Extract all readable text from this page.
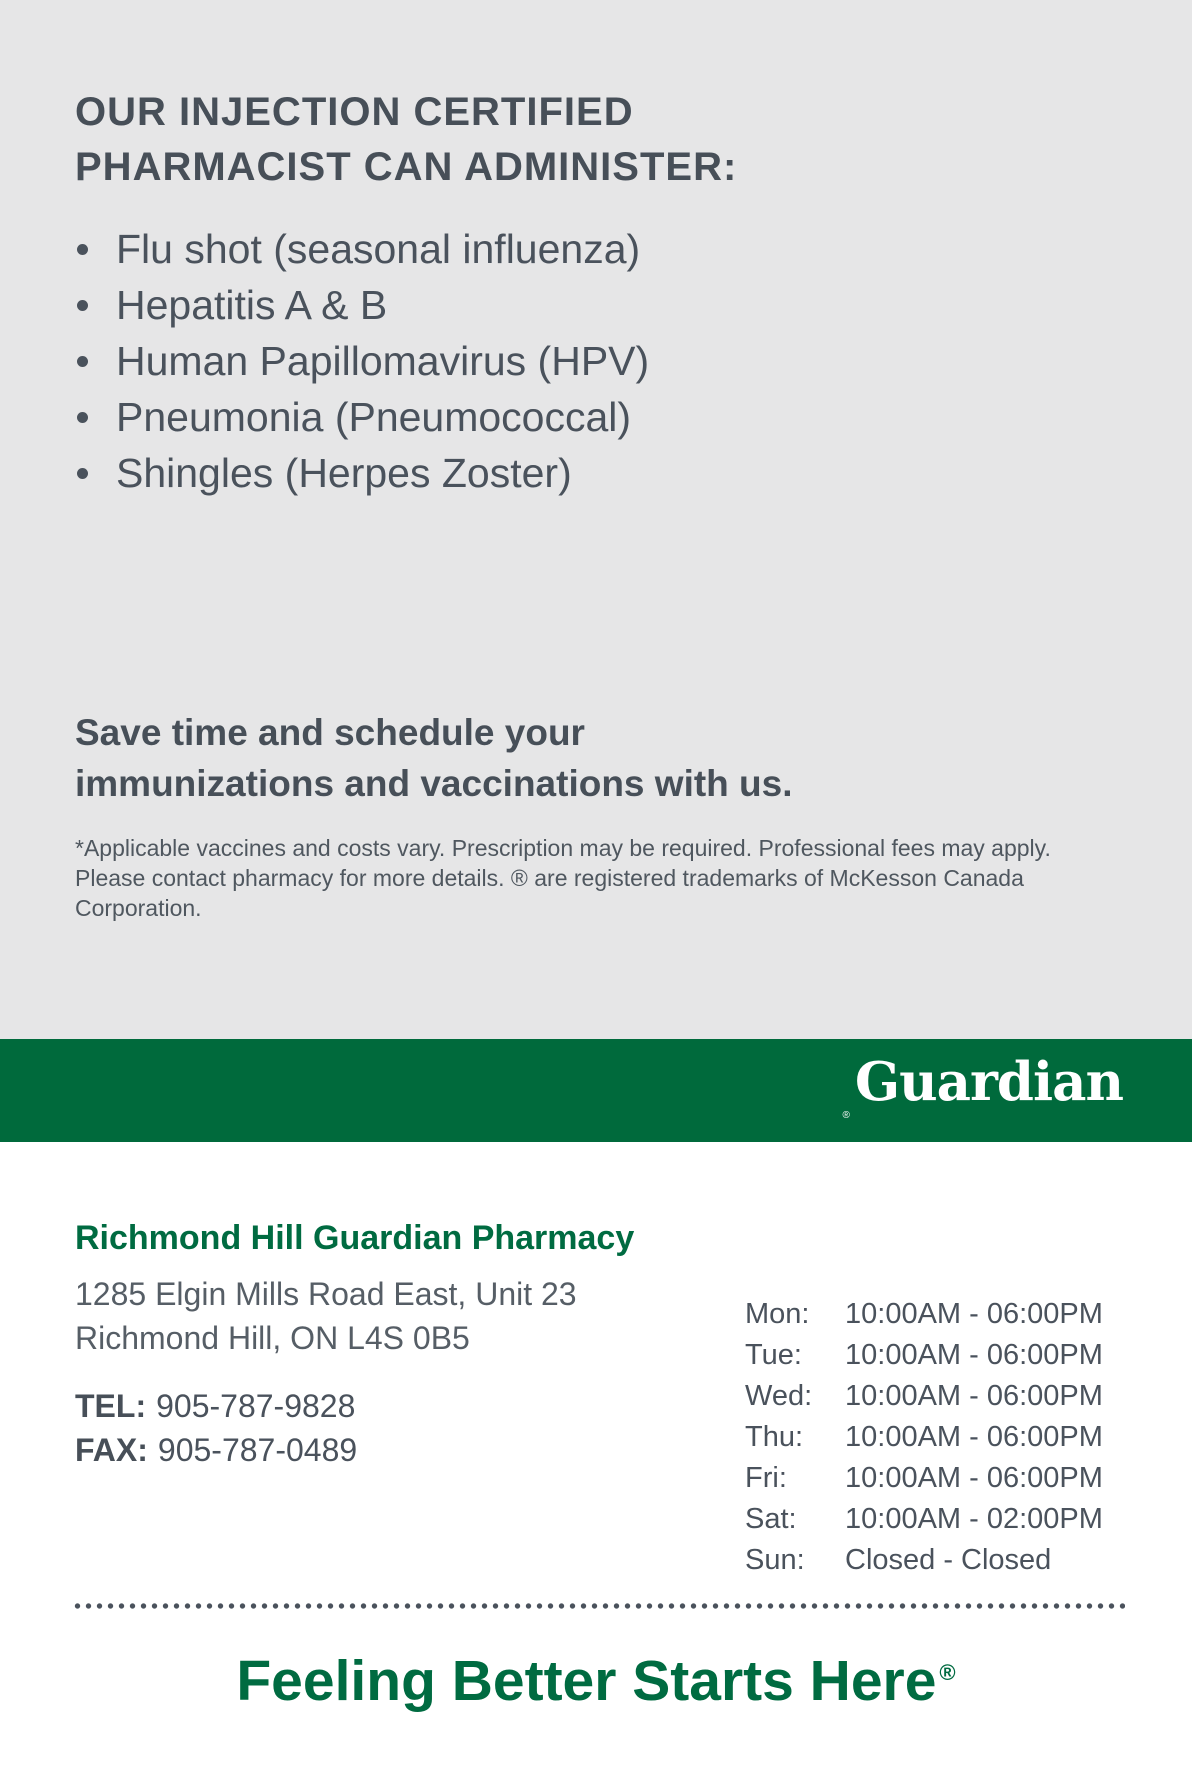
OUR INJECTION CERTIFIED
PHARMACIST CAN ADMINISTER:
Flu shot (seasonal influenza)
Hepatitis A & B
Human Papillomavirus (HPV)
Pneumonia (Pneumococcal)
Shingles (Herpes Zoster)
Save time and schedule your
immunizations and vaccinations with us.
*Applicable vaccines and costs vary. Prescription may be required. Professional fees may apply.
Please contact pharmacy for more details. ® are registered trademarks of McKesson Canada Corporation.
Guardian
®
Richmond Hill Guardian Pharmacy
1285 Elgin Mills Road East, Unit 23
Richmond Hill, ON L4S 0B5
TEL: 905-787-9828
FAX: 905-787-0489
Mon:	10:00AM - 06:00PM
Tue:	10:00AM - 06:00PM
Wed:	10:00AM - 06:00PM
Thu:	10:00AM - 06:00PM
Fri:	10:00AM - 06:00PM
Sat:	10:00AM - 02:00PM
Sun:	Closed - Closed
Feeling Better Starts Here ®
